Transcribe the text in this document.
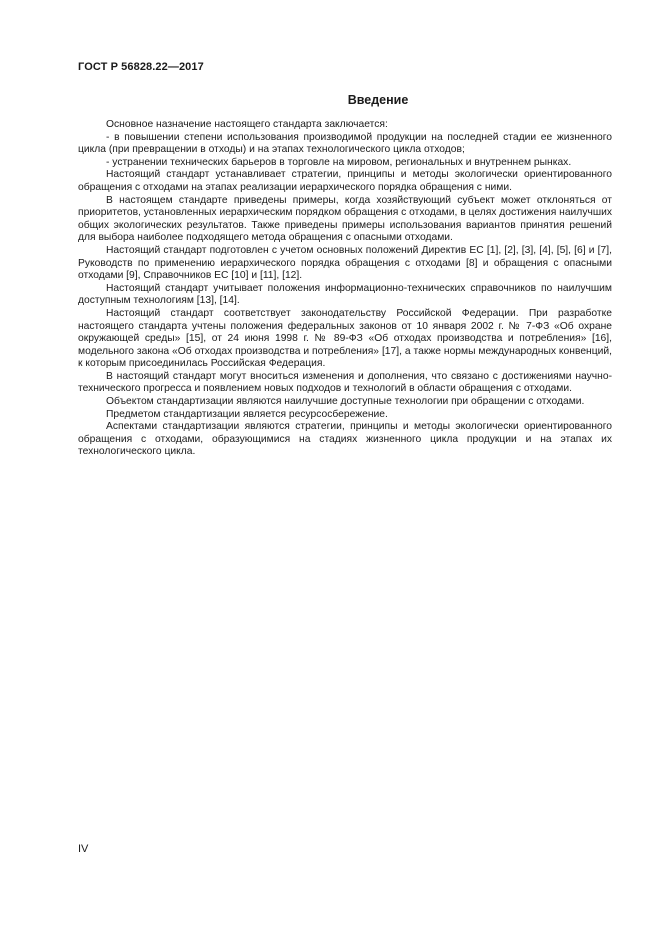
ГОСТ Р 56828.22—2017
Введение

Основное назначение настоящего стандарта заключается:

- в повышении степени использования производимой продукции на последней стадии ее жизненного цикла (при превращении в отходы) и на этапах технологического цикла отходов;

- устранении технических барьеров в торговле на мировом, региональных и внутреннем рынках.

Настоящий стандарт устанавливает стратегии, принципы и методы экологически ориентированного обращения с отходами на этапах реализации иерархического порядка обращения с ними.

В настоящем стандарте приведены примеры, когда хозяйствующий субъект может отклоняться от приоритетов, установленных иерархическим порядком обращения с отходами, в целях достижения наилучших общих экологических результатов. Также приведены примеры использования вариантов принятия решений для выбора наиболее подходящего метода обращения с опасными отходами.

Настоящий стандарт подготовлен с учетом основных положений Директив ЕС [1], [2], [3], [4], [5], [6] и [7], Руководств по применению иерархического порядка обращения с отходами [8] и обращения с опасными отходами [9], Справочников ЕС [10] и [11], [12].

Настоящий стандарт учитывает положения информационно-технических справочников по наилучшим доступным технологиям [13], [14].

Настоящий стандарт соответствует законодательству Российской Федерации. При разработке настоящего стандарта учтены положения федеральных законов от 10 января 2002 г. № 7-ФЗ «Об охране окружающей среды» [15], от 24 июня 1998 г. № 89-ФЗ «Об отходах производства и потребления» [16], модельного закона «Об отходах производства и потребления» [17], а также нормы международных конвенций, к которым присоединилась Российская Федерация.

В настоящий стандарт могут вноситься изменения и дополнения, что связано с достижениями научно-технического прогресса и появлением новых подходов и технологий в области обращения с отходами.

Объектом стандартизации являются наилучшие доступные технологии при обращении с отходами.

Предметом стандартизации является ресурсосбережение.

Аспектами стандартизации являются стратегии, принципы и методы экологически ориентированного обращения с отходами, образующимися на стадиях жизненного цикла продукции и на этапах их технологического цикла.

IV
